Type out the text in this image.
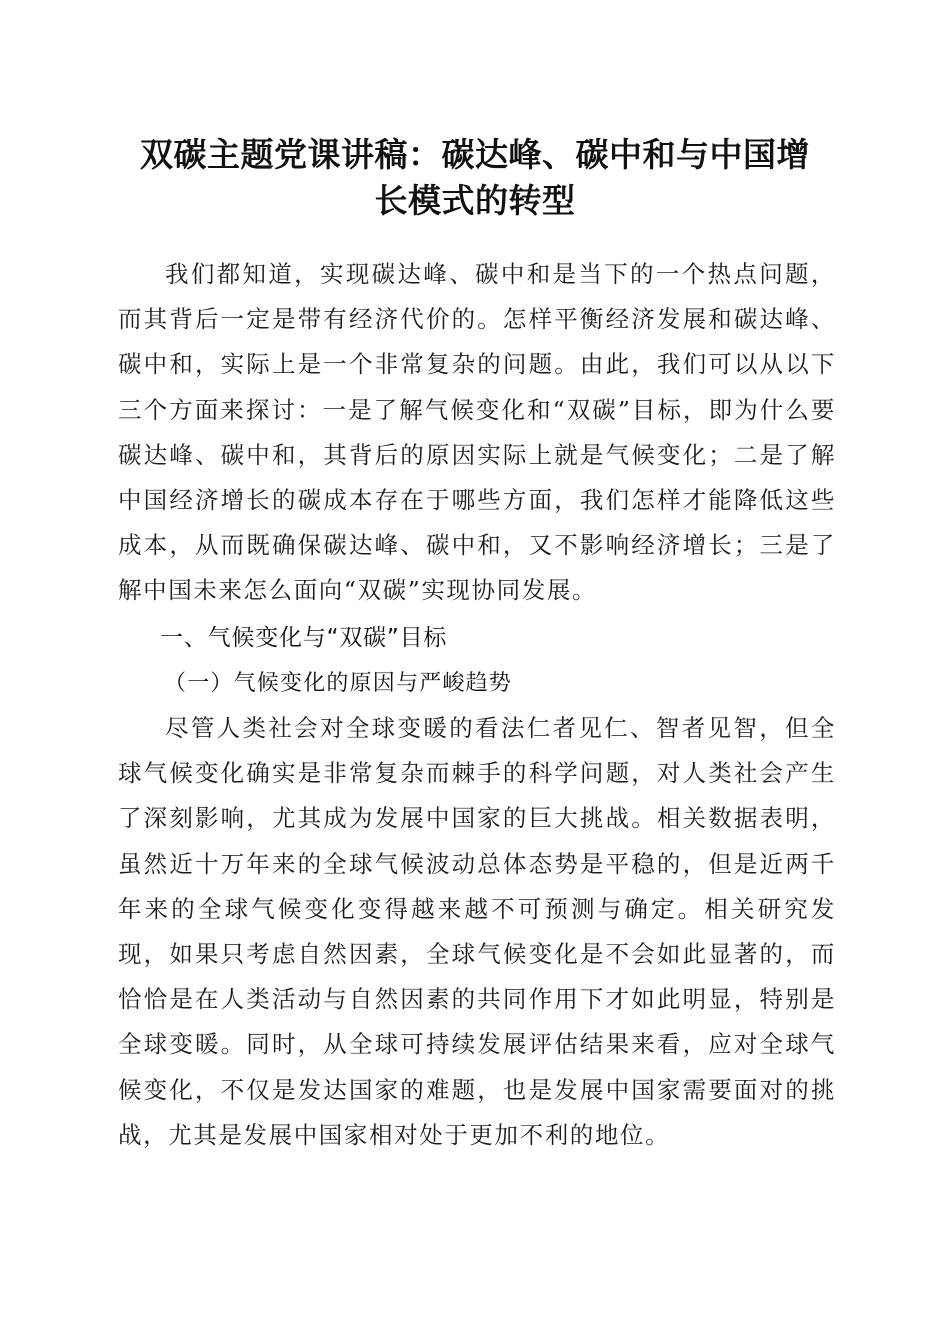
双碳主题党课讲稿：碳达峰、碳中和与中国增
长模式的转型

我们都知道，实现碳达峰、碳中和是当下的一个热点问题，而其背后一定是带有经济代价的。怎样平衡经济发展和碳达峰、碳中和，实际上是一个非常复杂的问题。由此，我们可以从以下三个方面来探讨：一是了解气候变化和“双碳”目标，即为什么要碳达峰、碳中和，其背后的原因实际上就是气候变化；二是了解中国经济增长的碳成本存在于哪些方面，我们怎样才能降低这些成本，从而既确保碳达峰、碳中和，又不影响经济增长；三是了解中国未来怎么面向“双碳”实现协同发展。

一、气候变化与“双碳”目标

（一）气候变化的原因与严峻趋势

尽管人类社会对全球变暖的看法仁者见仁、智者见智，但全球气候变化确实是非常复杂而棘手的科学问题，对人类社会产生了深刻影响，尤其成为发展中国家的巨大挑战。相关数据表明，虽然近十万年来的全球气候波动总体态势是平稳的，但是近两千年来的全球气候变化变得越来越不可预测与确定。相关研究发现，如果只考虑自然因素，全球气候变化是不会如此显著的，而恰恰是在人类活动与自然因素的共同作用下才如此明显，特别是全球变暖。同时，从全球可持续发展评估结果来看，应对全球气候变化，不仅是发达国家的难题，也是发展中国家需要面对的挑战，尤其是发展中国家相对处于更加不利的地位。
